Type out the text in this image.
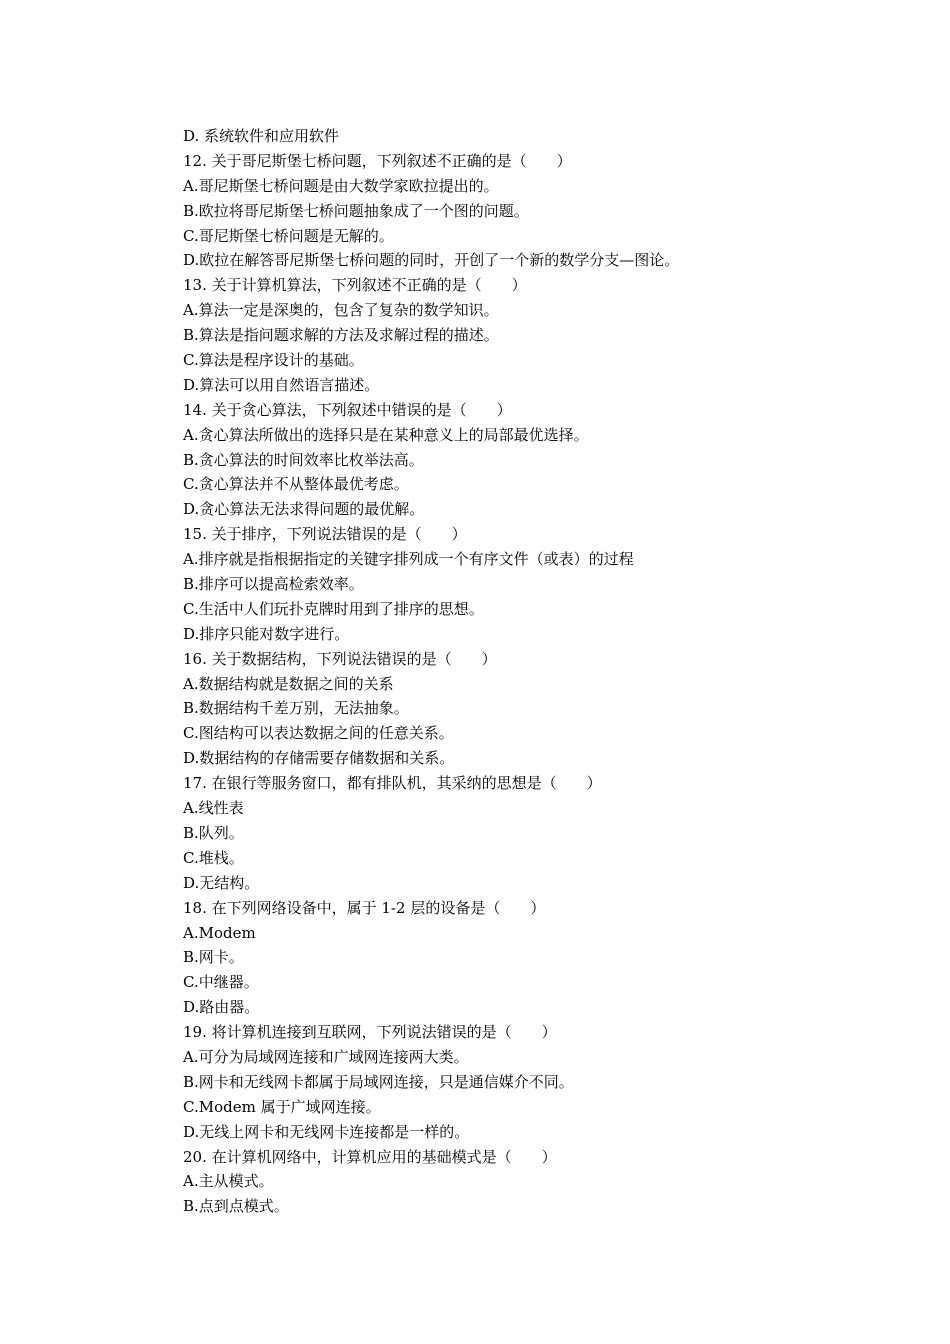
D. 系统软件和应用软件
12. 关于哥尼斯堡七桥问题，下列叙述不正确的是（　　）
A.哥尼斯堡七桥问题是由大数学家欧拉提出的。
B.欧拉将哥尼斯堡七桥问题抽象成了一个图的问题。
C.哥尼斯堡七桥问题是无解的。
D.欧拉在解答哥尼斯堡七桥问题的同时，开创了一个新的数学分支—图论。
13. 关于计算机算法，下列叙述不正确的是（　　）
A.算法一定是深奥的，包含了复杂的数学知识。
B.算法是指问题求解的方法及求解过程的描述。
C.算法是程序设计的基础。
D.算法可以用自然语言描述。
14. 关于贪心算法，下列叙述中错误的是（　　）
A.贪心算法所做出的选择只是在某种意义上的局部最优选择。
B.贪心算法的时间效率比枚举法高。
C.贪心算法并不从整体最优考虑。
D.贪心算法无法求得问题的最优解。
15. 关于排序，下列说法错误的是（　　）
A.排序就是指根据指定的关键字排列成一个有序文件（或表）的过程
B.排序可以提高检索效率。
C.生活中人们玩扑克牌时用到了排序的思想。
D.排序只能对数字进行。
16. 关于数据结构，下列说法错误的是（　　）
A.数据结构就是数据之间的关系
B.数据结构千差万别，无法抽象。
C.图结构可以表达数据之间的任意关系。
D.数据结构的存储需要存储数据和关系。
17. 在银行等服务窗口，都有排队机，其采纳的思想是（　　）
A.线性表
B.队列。
C.堆栈。
D.无结构。
18. 在下列网络设备中，属于 1-2 层的设备是（　　）
A.Modem
B.网卡。
C.中继器。
D.路由器。
19. 将计算机连接到互联网，下列说法错误的是（　　）
A.可分为局域网连接和广域网连接两大类。
B.网卡和无线网卡都属于局域网连接，只是通信媒介不同。
C.Modem 属于广域网连接。
D.无线上网卡和无线网卡连接都是一样的。
20. 在计算机网络中，计算机应用的基础模式是（　　）
A.主从模式。
B.点到点模式。
